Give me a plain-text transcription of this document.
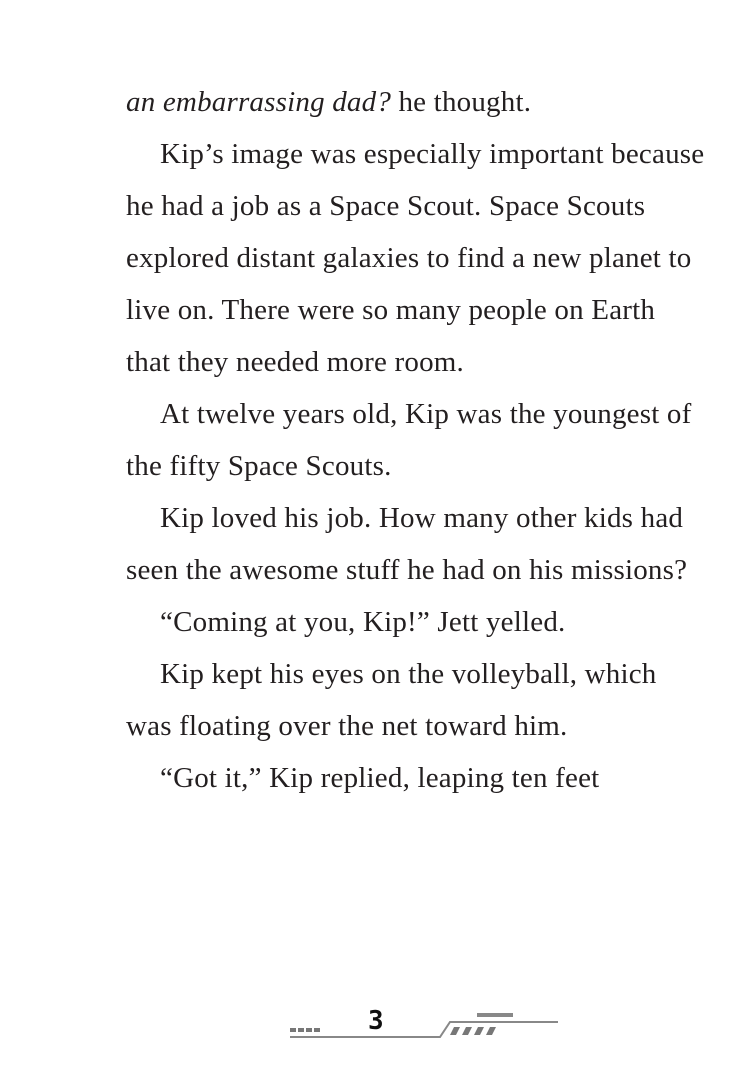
an embarrassing dad? he thought.

Kip’s image was especially important because he had a job as a Space Scout. Space Scouts explored distant galaxies to find a new planet to live on. There were so many people on Earth that they needed more room.

At twelve years old, Kip was the youngest of the fifty Space Scouts.

Kip loved his job. How many other kids had seen the awesome stuff he had on his missions?

“Coming at you, Kip!” Jett yelled.

Kip kept his eyes on the volleyball, which was floating over the net toward him.

“Got it,” Kip replied, leaping ten feet

3
